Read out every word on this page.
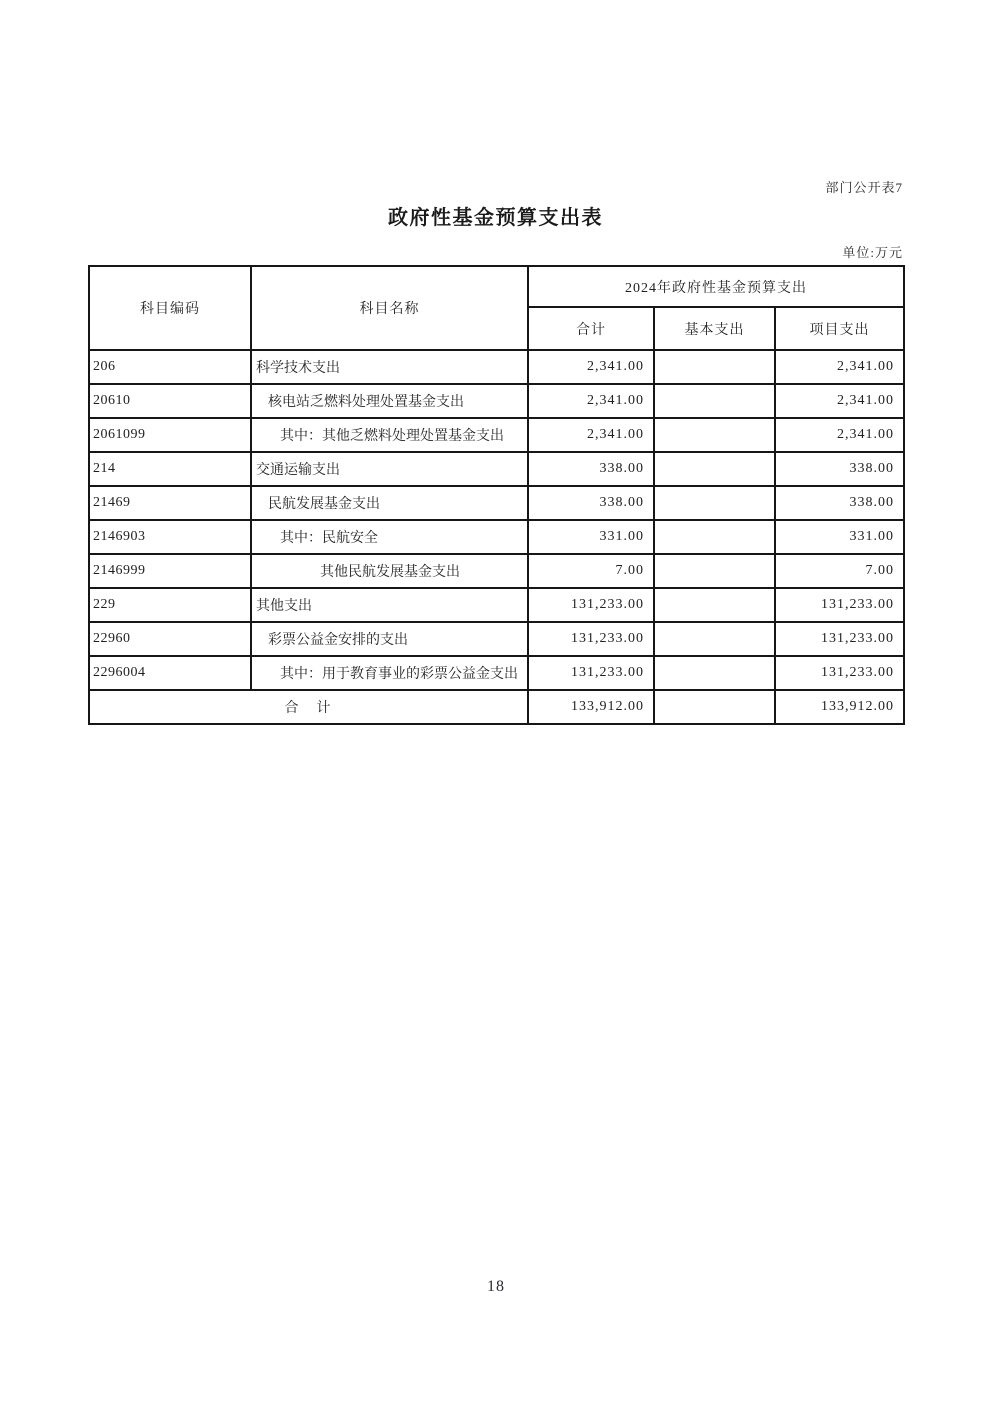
部门公开表7
政府性基金预算支出表
单位:万元
科目编码	科目名称	2024年政府性基金预算支出		
		合计	基本支出	项目支出
206	科学技术支出	2,341.00		2,341.00
20610	核电站乏燃料处理处置基金支出	2,341.00		2,341.00
2061099	其中：其他乏燃料处理处置基金支出	2,341.00		2,341.00
214	交通运输支出	338.00		338.00
21469	民航发展基金支出	338.00		338.00
2146903	其中：民航安全	331.00		331.00
2146999	其他民航发展基金支出	7.00		7.00
229	其他支出	131,233.00		131,233.00
22960	彩票公益金安排的支出	131,233.00		131,233.00
2296004	其中：用于教育事业的彩票公益金支出	131,233.00		131,233.00
合　计		133,912.00		133,912.00
18
